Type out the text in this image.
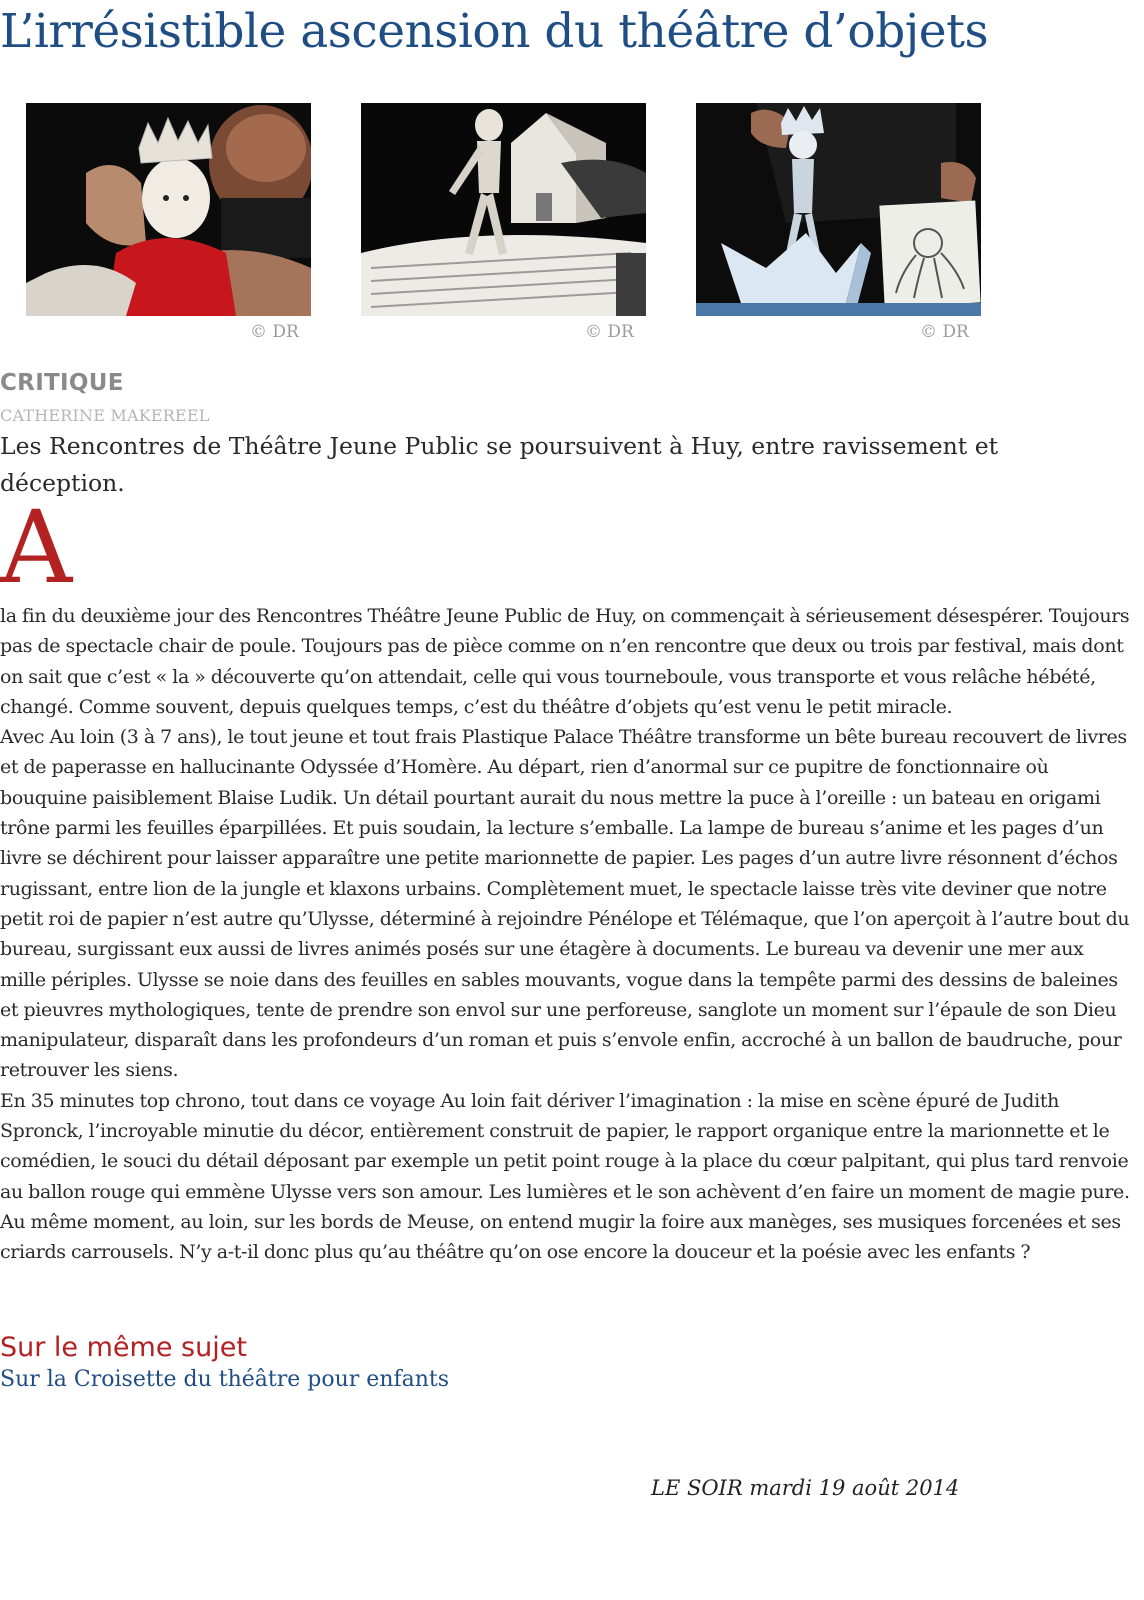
L’irrésistible ascension du théâtre d’objets
© DR	© DR	© DR
CRITIQUE
CATHERINE MAKEREEL

Les Rencontres de Théâtre Jeune Public se poursuivent à Huy, entre ravissement et déception.

A

la fin du deuxième jour des Rencontres Théâtre Jeune Public de Huy, on commençait à sérieusement désespérer. Toujours pas de spectacle chair de poule. Toujours pas de pièce comme on n’en rencontre que deux ou trois par festival, mais dont on sait que c’est « la » découverte qu’on attendait, celle qui vous tourneboule, vous transporte et vous relâche hébété, changé. Comme souvent, depuis quelques temps, c’est du théâtre d’objets qu’est venu le petit miracle.

Avec Au loin (3 à 7 ans), le tout jeune et tout frais Plastique Palace Théâtre transforme un bête bureau recouvert de livres et de paperasse en hallucinante Odyssée d’Homère. Au départ, rien d’anormal sur ce pupitre de fonctionnaire où bouquine paisiblement Blaise Ludik. Un détail pourtant aurait du nous mettre la puce à l’oreille : un bateau en origami trône parmi les feuilles éparpillées. Et puis soudain, la lecture s’emballe. La lampe de bureau s’anime et les pages d’un livre se déchirent pour laisser apparaître une petite marionnette de papier. Les pages d’un autre livre résonnent d’échos rugissant, entre lion de la jungle et klaxons urbains. Complètement muet, le spectacle laisse très vite deviner que notre petit roi de papier n’est autre qu’Ulysse, déterminé à rejoindre Pénélope et Télémaque, que l’on aperçoit à l’autre bout du bureau, surgissant eux aussi de livres animés posés sur une étagère à documents. Le bureau va devenir une mer aux mille périples. Ulysse se noie dans des feuilles en sables mouvants, vogue dans la tempête parmi des dessins de baleines et pieuvres mythologiques, tente de prendre son envol sur une perforeuse, sanglote un moment sur l’épaule de son Dieu manipulateur, disparaît dans les profondeurs d’un roman et puis s’envole enfin, accroché à un ballon de baudruche, pour retrouver les siens.

En 35 minutes top chrono, tout dans ce voyage Au loin fait dériver l’imagination : la mise en scène épuré de Judith Spronck, l’incroyable minutie du décor, entièrement construit de papier, le rapport organique entre la marionnette et le comédien, le souci du détail déposant par exemple un petit point rouge à la place du cœur palpitant, qui plus tard renvoie au ballon rouge qui emmène Ulysse vers son amour. Les lumières et le son achèvent d’en faire un moment de magie pure. Au même moment, au loin, sur les bords de Meuse, on entend mugir la foire aux manèges, ses musiques forcenées et ses criards carrousels. N’y a-t-il donc plus qu’au théâtre qu’on ose encore la douceur et la poésie avec les enfants ?

Sur le même sujet
Sur la Croisette du théâtre pour enfants
LE SOIR mardi 19 août 2014
